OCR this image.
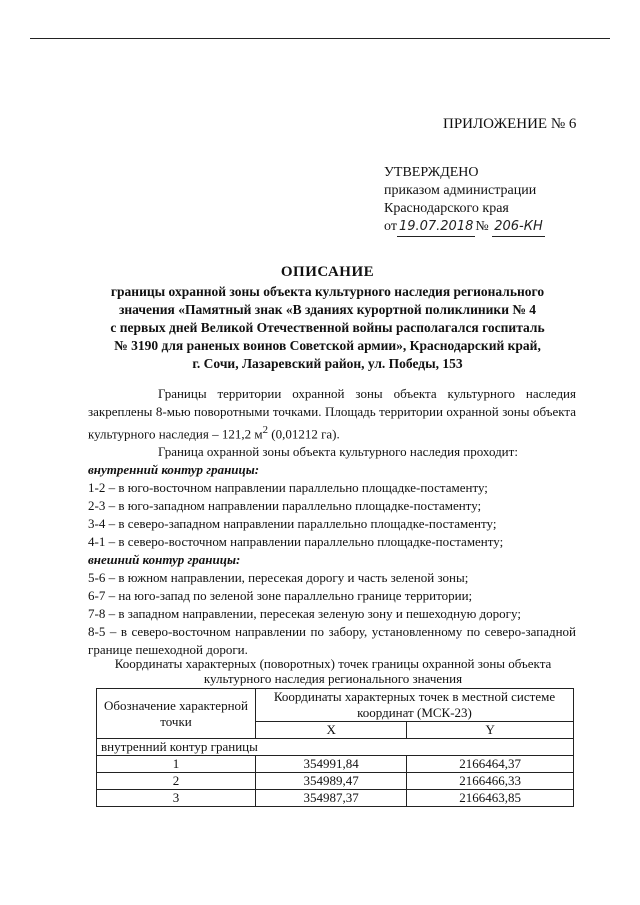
ПРИЛОЖЕНИЕ № 6
УТВЕРЖДЕНО
приказом администрации
Краснодарского края
от 19.07.2018 № 206-КН
ОПИСАНИЕ
границы охранной зоны объекта культурного наследия регионального
значения «Памятный знак «В зданиях курортной поликлиники № 4
с первых дней Великой Отечественной войны располагался госпиталь
№ 3190 для раненых воинов Советской армии», Краснодарский край,
г. Сочи, Лазаревский район, ул. Победы, 153

Границы территории охранной зоны объекта культурного наследия закреплены 8-мью поворотными точками. Площадь территории охранной зоны объекта культурного наследия – 121,2 $м^2$ (0,01212 га).

Граница охранной зоны объекта культурного наследия проходит:

внутренний контур границы:

1-2 – в юго-восточном направлении параллельно площадке-постаменту;

2-3 – в юго-западном направлении параллельно площадке-постаменту;

3-4 – в северо-западном направлении параллельно площадке-постаменту;

4-1 – в северо-восточном направлении параллельно площадке-постаменту;

внешний контур границы:

5-6 – в южном направлении, пересекая дорогу и часть зеленой зоны;

6-7 – на юго-запад по зеленой зоне параллельно границе территории;

7-8 – в западном направлении, пересекая зеленую зону и пешеходную дорогу;

8-5 – в северо-восточном направлении по забору, установленному по северо-западной границе пешеходной дороги.

Координаты характерных (поворотных) точек границы охранной зоны объекта
культурного наследия регионального значения
Обозначение характерной точки	Координаты характерных точек в местной системе координат (МСК-23)	
	X	Y
внутренний контур границы		
1	354991,84	2166464,37
2	354989,47	2166466,33
3	354987,37	2166463,85
